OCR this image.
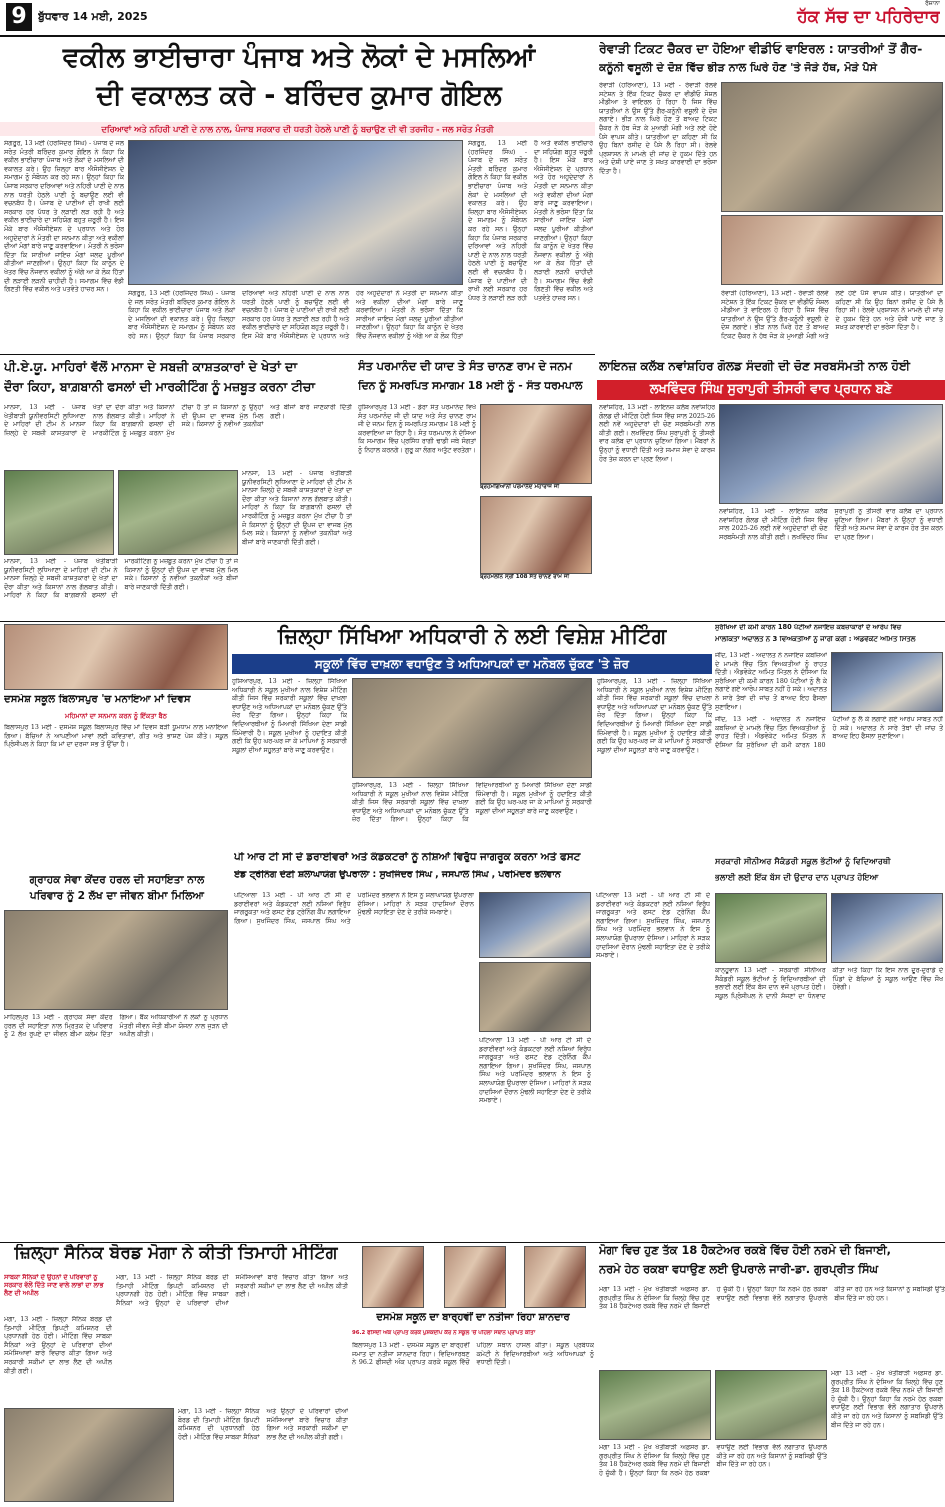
9	ਬੁੱਧਵਾਰ 14 ਮਈ, 2025
ਰੋਜ਼ਾਨਾ
ਹੱਕ ਸੱਚ ਦਾ ਪਹਿਰੇਦਾਰ
ਵਕੀਲ ਭਾਈਚਾਰਾ ਪੰਜਾਬ ਅਤੇ ਲੋਕਾਂ ਦੇ ਮਸਲਿਆਂ
ਦੀ ਵਕਾਲਤ ਕਰੇ - ਬਰਿੰਦਰ ਕੁਮਾਰ ਗੋਇਲ
ਦਰਿਆਵਾਂ ਅਤੇ ਨਹਿਰੀ ਪਾਣੀ ਦੇ ਨਾਲ ਨਾਲ, ਪੰਜਾਬ ਸਰਕਾਰ ਦੀ ਧਰਤੀ ਹੇਠਲੇ ਪਾਣੀ ਨੂੰ ਬਚਾਉਣ ਦੀ ਵੀ ਤਰਜੀਹ - ਜਲ ਸਰੋਤ ਮੰਤਰੀ
ਸੰਗਰੂਰ, 13 ਮਈ (ਹਰਜਿੰਦਰ ਸਿੰਘ) - ਪੰਜਾਬ ਦੇ ਜਲ ਸਰੋਤ ਮੰਤਰੀ ਬਰਿੰਦਰ ਕੁਮਾਰ ਗੋਇਲ ਨੇ ਕਿਹਾ ਕਿ ਵਕੀਲ ਭਾਈਚਾਰਾ ਪੰਜਾਬ ਅਤੇ ਲੋਕਾਂ ਦੇ ਮਸਲਿਆਂ ਦੀ ਵਕਾਲਤ ਕਰੇ। ਉਹ ਜ਼ਿਲ੍ਹਾ ਬਾਰ ਐਸੋਸੀਏਸ਼ਨ ਦੇ ਸਮਾਗਮ ਨੂੰ ਸੰਬੋਧਨ ਕਰ ਰਹੇ ਸਨ। ਉਨ੍ਹਾਂ ਕਿਹਾ ਕਿ ਪੰਜਾਬ ਸਰਕਾਰ ਦਰਿਆਵਾਂ ਅਤੇ ਨਹਿਰੀ ਪਾਣੀ ਦੇ ਨਾਲ ਨਾਲ ਧਰਤੀ ਹੇਠਲੇ ਪਾਣੀ ਨੂੰ ਬਚਾਉਣ ਲਈ ਵੀ ਵਚਨਬੱਧ ਹੈ। ਪੰਜਾਬ ਦੇ ਪਾਣੀਆਂ ਦੀ ਰਾਖੀ ਲਈ ਸਰਕਾਰ ਹਰ ਪੱਧਰ ਤੇ ਲੜਾਈ ਲੜ ਰਹੀ ਹੈ ਅਤੇ ਵਕੀਲ ਭਾਈਚਾਰੇ ਦਾ ਸਹਿਯੋਗ ਬਹੁਤ ਜ਼ਰੂਰੀ ਹੈ। ਇਸ ਮੌਕੇ ਬਾਰ ਐਸੋਸੀਏਸ਼ਨ ਦੇ ਪ੍ਰਧਾਨ ਅਤੇ ਹੋਰ ਅਹੁਦੇਦਾਰਾਂ ਨੇ ਮੰਤਰੀ ਦਾ ਸਨਮਾਨ ਕੀਤਾ ਅਤੇ ਵਕੀਲਾਂ ਦੀਆਂ ਮੰਗਾਂ ਬਾਰੇ ਜਾਣੂ ਕਰਵਾਇਆ। ਮੰਤਰੀ ਨੇ ਭਰੋਸਾ ਦਿੱਤਾ ਕਿ ਸਾਰੀਆਂ ਜਾਇਜ਼ ਮੰਗਾਂ ਜਲਦ ਪੂਰੀਆਂ ਕੀਤੀਆਂ ਜਾਣਗੀਆਂ। ਉਨ੍ਹਾਂ ਕਿਹਾ ਕਿ ਕਾਨੂੰਨ ਦੇ ਖੇਤਰ ਵਿੱਚ ਨੌਜਵਾਨ ਵਕੀਲਾਂ ਨੂੰ ਅੱਗੇ ਆ ਕੇ ਲੋਕ ਹਿੱਤਾਂ ਦੀ ਲੜਾਈ ਲੜਨੀ ਚਾਹੀਦੀ ਹੈ। ਸਮਾਗਮ ਵਿੱਚ ਵੱਡੀ ਗਿਣਤੀ ਵਿੱਚ ਵਕੀਲ ਅਤੇ ਪਤਵੰਤੇ ਹਾਜ਼ਰ ਸਨ।
ਸੰਗਰੂਰ, 13 ਮਈ (ਹਰਜਿੰਦਰ ਸਿੰਘ) - ਪੰਜਾਬ ਦੇ ਜਲ ਸਰੋਤ ਮੰਤਰੀ ਬਰਿੰਦਰ ਕੁਮਾਰ ਗੋਇਲ ਨੇ ਕਿਹਾ ਕਿ ਵਕੀਲ ਭਾਈਚਾਰਾ ਪੰਜਾਬ ਅਤੇ ਲੋਕਾਂ ਦੇ ਮਸਲਿਆਂ ਦੀ ਵਕਾਲਤ ਕਰੇ। ਉਹ ਜ਼ਿਲ੍ਹਾ ਬਾਰ ਐਸੋਸੀਏਸ਼ਨ ਦੇ ਸਮਾਗਮ ਨੂੰ ਸੰਬੋਧਨ ਕਰ ਰਹੇ ਸਨ। ਉਨ੍ਹਾਂ ਕਿਹਾ ਕਿ ਪੰਜਾਬ ਸਰਕਾਰ ਦਰਿਆਵਾਂ ਅਤੇ ਨਹਿਰੀ ਪਾਣੀ ਦੇ ਨਾਲ ਨਾਲ ਧਰਤੀ ਹੇਠਲੇ ਪਾਣੀ ਨੂੰ ਬਚਾਉਣ ਲਈ ਵੀ ਵਚਨਬੱਧ ਹੈ। ਪੰਜਾਬ ਦੇ ਪਾਣੀਆਂ ਦੀ ਰਾਖੀ ਲਈ ਸਰਕਾਰ ਹਰ ਪੱਧਰ ਤੇ ਲੜਾਈ ਲੜ ਰਹੀ ਹੈ ਅਤੇ ਵਕੀਲ ਭਾਈਚਾਰੇ ਦਾ ਸਹਿਯੋਗ ਬਹੁਤ ਜ਼ਰੂਰੀ ਹੈ। ਇਸ ਮੌਕੇ ਬਾਰ ਐਸੋਸੀਏਸ਼ਨ ਦੇ ਪ੍ਰਧਾਨ ਅਤੇ ਹੋਰ ਅਹੁਦੇਦਾਰਾਂ ਨੇ ਮੰਤਰੀ ਦਾ ਸਨਮਾਨ ਕੀਤਾ ਅਤੇ ਵਕੀਲਾਂ ਦੀਆਂ ਮੰਗਾਂ ਬਾਰੇ ਜਾਣੂ ਕਰਵਾਇਆ। ਮੰਤਰੀ ਨੇ ਭਰੋਸਾ ਦਿੱਤਾ ਕਿ ਸਾਰੀਆਂ ਜਾਇਜ਼ ਮੰਗਾਂ ਜਲਦ ਪੂਰੀਆਂ ਕੀਤੀਆਂ ਜਾਣਗੀਆਂ। ਉਨ੍ਹਾਂ ਕਿਹਾ ਕਿ ਕਾਨੂੰਨ ਦੇ ਖੇਤਰ ਵਿੱਚ ਨੌਜਵਾਨ ਵਕੀਲਾਂ ਨੂੰ ਅੱਗੇ ਆ ਕੇ ਲੋਕ ਹਿੱਤਾਂ ਦੀ ਲੜਾਈ ਲੜਨੀ ਚਾਹੀਦੀ ਹੈ। ਸਮਾਗਮ ਵਿੱਚ ਵੱਡੀ ਗਿਣਤੀ ਵਿੱਚ ਵਕੀਲ ਅਤੇ ਪਤਵੰਤੇ ਹਾਜ਼ਰ ਸਨ।
ਸੰਗਰੂਰ, 13 ਮਈ (ਹਰਜਿੰਦਰ ਸਿੰਘ) - ਪੰਜਾਬ ਦੇ ਜਲ ਸਰੋਤ ਮੰਤਰੀ ਬਰਿੰਦਰ ਕੁਮਾਰ ਗੋਇਲ ਨੇ ਕਿਹਾ ਕਿ ਵਕੀਲ ਭਾਈਚਾਰਾ ਪੰਜਾਬ ਅਤੇ ਲੋਕਾਂ ਦੇ ਮਸਲਿਆਂ ਦੀ ਵਕਾਲਤ ਕਰੇ। ਉਹ ਜ਼ਿਲ੍ਹਾ ਬਾਰ ਐਸੋਸੀਏਸ਼ਨ ਦੇ ਸਮਾਗਮ ਨੂੰ ਸੰਬੋਧਨ ਕਰ ਰਹੇ ਸਨ। ਉਨ੍ਹਾਂ ਕਿਹਾ ਕਿ ਪੰਜਾਬ ਸਰਕਾਰ ਦਰਿਆਵਾਂ ਅਤੇ ਨਹਿਰੀ ਪਾਣੀ ਦੇ ਨਾਲ ਨਾਲ ਧਰਤੀ ਹੇਠਲੇ ਪਾਣੀ ਨੂੰ ਬਚਾਉਣ ਲਈ ਵੀ ਵਚਨਬੱਧ ਹੈ। ਪੰਜਾਬ ਦੇ ਪਾਣੀਆਂ ਦੀ ਰਾਖੀ ਲਈ ਸਰਕਾਰ ਹਰ ਪੱਧਰ ਤੇ ਲੜਾਈ ਲੜ ਰਹੀ ਹੈ ਅਤੇ ਵਕੀਲ ਭਾਈਚਾਰੇ ਦਾ ਸਹਿਯੋਗ ਬਹੁਤ ਜ਼ਰੂਰੀ ਹੈ। ਇਸ ਮੌਕੇ ਬਾਰ ਐਸੋਸੀਏਸ਼ਨ ਦੇ ਪ੍ਰਧਾਨ ਅਤੇ ਹੋਰ ਅਹੁਦੇਦਾਰਾਂ ਨੇ ਮੰਤਰੀ ਦਾ ਸਨਮਾਨ ਕੀਤਾ ਅਤੇ ਵਕੀਲਾਂ ਦੀਆਂ ਮੰਗਾਂ ਬਾਰੇ ਜਾਣੂ ਕਰਵਾਇਆ। ਮੰਤਰੀ ਨੇ ਭਰੋਸਾ ਦਿੱਤਾ ਕਿ ਸਾਰੀਆਂ ਜਾਇਜ਼ ਮੰਗਾਂ ਜਲਦ ਪੂਰੀਆਂ ਕੀਤੀਆਂ ਜਾਣਗੀਆਂ। ਉਨ੍ਹਾਂ ਕਿਹਾ ਕਿ ਕਾਨੂੰਨ ਦੇ ਖੇਤਰ ਵਿੱਚ ਨੌਜਵਾਨ ਵਕੀਲਾਂ ਨੂੰ ਅੱਗੇ ਆ ਕੇ ਲੋਕ ਹਿੱਤਾਂ
ਰੇਵਾੜੀ ਟਿਕਟ ਚੈਕਰ ਦਾ ਹੋਇਆ ਵੀਡੀਓ ਵਾਇਰਲ : ਯਾਤਰੀਆਂ ਤੋਂ ਗੈਰ-
ਕਨੂੰਨੀ ਵਸੂਲੀ ਦੇ ਦੋਸ਼ ਵਿੱਚ ਭੀੜ ਨਾਲ ਘਿਰੇ ਹੋਣ 'ਤੇ ਜੋੜੇ ਹੱਥ, ਮੋੜੇ ਪੈਸੇ
ਰੇਵਾੜੀ (ਹਰਿਆਣਾ), 13 ਮਈ - ਰੇਵਾੜੀ ਰੇਲਵੇ ਸਟੇਸ਼ਨ ਤੇ ਇੱਕ ਟਿਕਟ ਚੈਕਰ ਦਾ ਵੀਡੀਓ ਸੋਸ਼ਲ ਮੀਡੀਆ ਤੇ ਵਾਇਰਲ ਹੋ ਰਿਹਾ ਹੈ ਜਿਸ ਵਿੱਚ ਯਾਤਰੀਆਂ ਨੇ ਉਸ ਉੱਤੇ ਗੈਰ-ਕਨੂੰਨੀ ਵਸੂਲੀ ਦੇ ਦੋਸ਼ ਲਗਾਏ। ਭੀੜ ਨਾਲ ਘਿਰੇ ਹੋਣ ਤੋਂ ਬਾਅਦ ਟਿਕਟ ਚੈਕਰ ਨੇ ਹੱਥ ਜੋੜ ਕੇ ਮੁਆਫ਼ੀ ਮੰਗੀ ਅਤੇ ਲਏ ਹੋਏ ਪੈਸੇ ਵਾਪਸ ਕੀਤੇ। ਯਾਤਰੀਆਂ ਦਾ ਕਹਿਣਾ ਸੀ ਕਿ ਉਹ ਬਿਨਾਂ ਰਸੀਦ ਦੇ ਪੈਸੇ ਲੈ ਰਿਹਾ ਸੀ। ਰੇਲਵੇ ਪ੍ਰਸ਼ਾਸਨ ਨੇ ਮਾਮਲੇ ਦੀ ਜਾਂਚ ਦੇ ਹੁਕਮ ਦਿੱਤੇ ਹਨ ਅਤੇ ਦੋਸ਼ੀ ਪਾਏ ਜਾਣ ਤੇ ਸਖ਼ਤ ਕਾਰਵਾਈ ਦਾ ਭਰੋਸਾ ਦਿੱਤਾ ਹੈ।
ਰੇਵਾੜੀ (ਹਰਿਆਣਾ), 13 ਮਈ - ਰੇਵਾੜੀ ਰੇਲਵੇ ਸਟੇਸ਼ਨ ਤੇ ਇੱਕ ਟਿਕਟ ਚੈਕਰ ਦਾ ਵੀਡੀਓ ਸੋਸ਼ਲ ਮੀਡੀਆ ਤੇ ਵਾਇਰਲ ਹੋ ਰਿਹਾ ਹੈ ਜਿਸ ਵਿੱਚ ਯਾਤਰੀਆਂ ਨੇ ਉਸ ਉੱਤੇ ਗੈਰ-ਕਨੂੰਨੀ ਵਸੂਲੀ ਦੇ ਦੋਸ਼ ਲਗਾਏ। ਭੀੜ ਨਾਲ ਘਿਰੇ ਹੋਣ ਤੋਂ ਬਾਅਦ ਟਿਕਟ ਚੈਕਰ ਨੇ ਹੱਥ ਜੋੜ ਕੇ ਮੁਆਫ਼ੀ ਮੰਗੀ ਅਤੇ ਲਏ ਹੋਏ ਪੈਸੇ ਵਾਪਸ ਕੀਤੇ। ਯਾਤਰੀਆਂ ਦਾ ਕਹਿਣਾ ਸੀ ਕਿ ਉਹ ਬਿਨਾਂ ਰਸੀਦ ਦੇ ਪੈਸੇ ਲੈ ਰਿਹਾ ਸੀ। ਰੇਲਵੇ ਪ੍ਰਸ਼ਾਸਨ ਨੇ ਮਾਮਲੇ ਦੀ ਜਾਂਚ ਦੇ ਹੁਕਮ ਦਿੱਤੇ ਹਨ ਅਤੇ ਦੋਸ਼ੀ ਪਾਏ ਜਾਣ ਤੇ ਸਖ਼ਤ ਕਾਰਵਾਈ ਦਾ ਭਰੋਸਾ ਦਿੱਤਾ ਹੈ।
ਪੀ.ਏ.ਯੂ. ਮਾਹਿਰਾਂ ਵੱਲੋਂ ਮਾਨਸਾ ਦੇ ਸਬਜ਼ੀ ਕਾਸ਼ਤਕਾਰਾਂ ਦੇ ਖੇਤਾਂ ਦਾ
ਦੌਰਾ ਕਿਹਾ, ਬਾਗ਼ਬਾਨੀ ਫਸਲਾਂ ਦੀ ਮਾਰਕੀਟਿੰਗ ਨੂੰ ਮਜ਼ਬੂਤ ਕਰਨਾ ਟੀਚਾ
ਮਾਨਸਾ, 13 ਮਈ - ਪੰਜਾਬ ਖੇਤੀਬਾੜੀ ਯੂਨੀਵਰਸਿਟੀ ਲੁਧਿਆਣਾ ਦੇ ਮਾਹਿਰਾਂ ਦੀ ਟੀਮ ਨੇ ਮਾਨਸਾ ਜ਼ਿਲ੍ਹੇ ਦੇ ਸਬਜ਼ੀ ਕਾਸ਼ਤਕਾਰਾਂ ਦੇ ਖੇਤਾਂ ਦਾ ਦੌਰਾ ਕੀਤਾ ਅਤੇ ਕਿਸਾਨਾਂ ਨਾਲ ਗੱਲਬਾਤ ਕੀਤੀ। ਮਾਹਿਰਾਂ ਨੇ ਕਿਹਾ ਕਿ ਬਾਗ਼ਬਾਨੀ ਫਸਲਾਂ ਦੀ ਮਾਰਕੀਟਿੰਗ ਨੂੰ ਮਜ਼ਬੂਤ ਕਰਨਾ ਮੁੱਖ ਟੀਚਾ ਹੈ ਤਾਂ ਜੋ ਕਿਸਾਨਾਂ ਨੂੰ ਉਨ੍ਹਾਂ ਦੀ ਉਪਜ ਦਾ ਵਾਜਬ ਮੁੱਲ ਮਿਲ ਸਕੇ। ਕਿਸਾਨਾਂ ਨੂੰ ਨਵੀਆਂ ਤਕਨੀਕਾਂ ਅਤੇ ਬੀਜਾਂ ਬਾਰੇ ਜਾਣਕਾਰੀ ਦਿੱਤੀ ਗਈ।
ਮਾਨਸਾ, 13 ਮਈ - ਪੰਜਾਬ ਖੇਤੀਬਾੜੀ ਯੂਨੀਵਰਸਿਟੀ ਲੁਧਿਆਣਾ ਦੇ ਮਾਹਿਰਾਂ ਦੀ ਟੀਮ ਨੇ ਮਾਨਸਾ ਜ਼ਿਲ੍ਹੇ ਦੇ ਸਬਜ਼ੀ ਕਾਸ਼ਤਕਾਰਾਂ ਦੇ ਖੇਤਾਂ ਦਾ ਦੌਰਾ ਕੀਤਾ ਅਤੇ ਕਿਸਾਨਾਂ ਨਾਲ ਗੱਲਬਾਤ ਕੀਤੀ। ਮਾਹਿਰਾਂ ਨੇ ਕਿਹਾ ਕਿ ਬਾਗ਼ਬਾਨੀ ਫਸਲਾਂ ਦੀ ਮਾਰਕੀਟਿੰਗ ਨੂੰ ਮਜ਼ਬੂਤ ਕਰਨਾ ਮੁੱਖ ਟੀਚਾ ਹੈ ਤਾਂ ਜੋ ਕਿਸਾਨਾਂ ਨੂੰ ਉਨ੍ਹਾਂ ਦੀ ਉਪਜ ਦਾ ਵਾਜਬ ਮੁੱਲ ਮਿਲ ਸਕੇ। ਕਿਸਾਨਾਂ ਨੂੰ ਨਵੀਆਂ ਤਕਨੀਕਾਂ ਅਤੇ ਬੀਜਾਂ ਬਾਰੇ ਜਾਣਕਾਰੀ ਦਿੱਤੀ ਗਈ।
ਮਾਨਸਾ, 13 ਮਈ - ਪੰਜਾਬ ਖੇਤੀਬਾੜੀ ਯੂਨੀਵਰਸਿਟੀ ਲੁਧਿਆਣਾ ਦੇ ਮਾਹਿਰਾਂ ਦੀ ਟੀਮ ਨੇ ਮਾਨਸਾ ਜ਼ਿਲ੍ਹੇ ਦੇ ਸਬਜ਼ੀ ਕਾਸ਼ਤਕਾਰਾਂ ਦੇ ਖੇਤਾਂ ਦਾ ਦੌਰਾ ਕੀਤਾ ਅਤੇ ਕਿਸਾਨਾਂ ਨਾਲ ਗੱਲਬਾਤ ਕੀਤੀ। ਮਾਹਿਰਾਂ ਨੇ ਕਿਹਾ ਕਿ ਬਾਗ਼ਬਾਨੀ ਫਸਲਾਂ ਦੀ ਮਾਰਕੀਟਿੰਗ ਨੂੰ ਮਜ਼ਬੂਤ ਕਰਨਾ ਮੁੱਖ ਟੀਚਾ ਹੈ ਤਾਂ ਜੋ ਕਿਸਾਨਾਂ ਨੂੰ ਉਨ੍ਹਾਂ ਦੀ ਉਪਜ ਦਾ ਵਾਜਬ ਮੁੱਲ ਮਿਲ ਸਕੇ। ਕਿਸਾਨਾਂ ਨੂੰ ਨਵੀਆਂ ਤਕਨੀਕਾਂ ਅਤੇ ਬੀਜਾਂ ਬਾਰੇ ਜਾਣਕਾਰੀ ਦਿੱਤੀ ਗਈ।
ਸੰਤ ਪਰਮਾਨੰਦ ਦੀ ਯਾਦ ਤੇ ਸੰਤ ਚਾਨਣ ਰਾਮ ਦੇ ਜਨਮ
ਦਿਨ ਨੂੰ ਸਮਰਪਿਤ ਸਮਾਗਮ 18 ਮਈ ਨੂੰ - ਸੰਤ ਧਰਮਪਾਲ
ਹੁਸ਼ਿਆਰਪੁਰ 13 ਮਈ - ਡੇਰਾ ਸੰਤ ਪਰਮਾਨੰਦ ਵਿਖੇ ਸੰਤ ਪਰਮਾਨੰਦ ਜੀ ਦੀ ਯਾਦ ਅਤੇ ਸੰਤ ਚਾਨਣ ਰਾਮ ਜੀ ਦੇ ਜਨਮ ਦਿਨ ਨੂੰ ਸਮਰਪਿਤ ਸਮਾਗਮ 18 ਮਈ ਨੂੰ ਕਰਵਾਇਆ ਜਾ ਰਿਹਾ ਹੈ। ਸੰਤ ਧਰਮਪਾਲ ਨੇ ਦੱਸਿਆ ਕਿ ਸਮਾਗਮ ਵਿੱਚ ਪ੍ਰਸਿੱਧ ਰਾਗੀ ਢਾਡੀ ਜਥੇ ਸੰਗਤਾਂ ਨੂੰ ਨਿਹਾਲ ਕਰਨਗੇ। ਗੁਰੂ ਕਾ ਲੰਗਰ ਅਤੁੱਟ ਵਰਤੇਗਾ।
ਬ੍ਰਹਮਗਿਆਨੀ ਪਰਮਾਨੰਦ ਮਹਾਰਾਜ ਜੀ
ਬ੍ਰਹਮਲੀਨ ਸ੍ਰੀ 108 ਸੰਤ ਚਾਨਣ ਰਾਮ ਜੀ
ਲਾਇਨਜ਼ ਕਲੱਬ ਨਵਾਂਸ਼ਹਿਰ ਗੋਲਡ ਸੰਦਗੀ ਦੀ ਚੋਣ ਸਰਬਸੰਮਤੀ ਨਾਲ ਹੋਈ
ਲਖਵਿੰਦਰ ਸਿੰਘ ਸੁਰਾਪੁਰੀ ਤੀਸਰੀ ਵਾਰ ਪ੍ਰਧਾਨ ਬਣੇ
ਨਵਾਂਸ਼ਹਿਰ, 13 ਮਈ - ਲਾਇਨਜ਼ ਕਲੱਬ ਨਵਾਂਸ਼ਹਿਰ ਗੋਲਡ ਦੀ ਮੀਟਿੰਗ ਹੋਈ ਜਿਸ ਵਿੱਚ ਸਾਲ 2025-26 ਲਈ ਨਵੇਂ ਅਹੁਦੇਦਾਰਾਂ ਦੀ ਚੋਣ ਸਰਬਸੰਮਤੀ ਨਾਲ ਕੀਤੀ ਗਈ। ਲਖਵਿੰਦਰ ਸਿੰਘ ਸੁਰਾਪੁਰੀ ਨੂੰ ਤੀਸਰੀ ਵਾਰ ਕਲੱਬ ਦਾ ਪ੍ਰਧਾਨ ਚੁਣਿਆ ਗਿਆ। ਮੈਂਬਰਾਂ ਨੇ ਉਨ੍ਹਾਂ ਨੂੰ ਵਧਾਈ ਦਿੱਤੀ ਅਤੇ ਸਮਾਜ ਸੇਵਾ ਦੇ ਕਾਰਜ ਹੋਰ ਤੇਜ਼ ਕਰਨ ਦਾ ਪ੍ਰਣ ਲਿਆ।
ਨਵਾਂਸ਼ਹਿਰ, 13 ਮਈ - ਲਾਇਨਜ਼ ਕਲੱਬ ਨਵਾਂਸ਼ਹਿਰ ਗੋਲਡ ਦੀ ਮੀਟਿੰਗ ਹੋਈ ਜਿਸ ਵਿੱਚ ਸਾਲ 2025-26 ਲਈ ਨਵੇਂ ਅਹੁਦੇਦਾਰਾਂ ਦੀ ਚੋਣ ਸਰਬਸੰਮਤੀ ਨਾਲ ਕੀਤੀ ਗਈ। ਲਖਵਿੰਦਰ ਸਿੰਘ ਸੁਰਾਪੁਰੀ ਨੂੰ ਤੀਸਰੀ ਵਾਰ ਕਲੱਬ ਦਾ ਪ੍ਰਧਾਨ ਚੁਣਿਆ ਗਿਆ। ਮੈਂਬਰਾਂ ਨੇ ਉਨ੍ਹਾਂ ਨੂੰ ਵਧਾਈ ਦਿੱਤੀ ਅਤੇ ਸਮਾਜ ਸੇਵਾ ਦੇ ਕਾਰਜ ਹੋਰ ਤੇਜ਼ ਕਰਨ ਦਾ ਪ੍ਰਣ ਲਿਆ।
ਜ਼ਿਲ੍ਹਾ ਸਿੱਖਿਆ ਅਧਿਕਾਰੀ ਨੇ ਲਈ ਵਿਸ਼ੇਸ਼ ਮੀਟਿੰਗ
ਸਕੂਲਾਂ ਵਿੱਚ ਦਾਖ਼ਲਾ ਵਧਾਉਣ ਤੇ ਅਧਿਆਪਕਾਂ ਦਾ ਮਨੋਬਲ ਚੁੱਕਣ 'ਤੇ ਜ਼ੋਰ
ਹੁਸ਼ਿਆਰਪੁਰ, 13 ਮਈ - ਜ਼ਿਲ੍ਹਾ ਸਿੱਖਿਆ ਅਧਿਕਾਰੀ ਨੇ ਸਕੂਲ ਮੁਖੀਆਂ ਨਾਲ ਵਿਸ਼ੇਸ਼ ਮੀਟਿੰਗ ਕੀਤੀ ਜਿਸ ਵਿੱਚ ਸਰਕਾਰੀ ਸਕੂਲਾਂ ਵਿੱਚ ਦਾਖ਼ਲਾ ਵਧਾਉਣ ਅਤੇ ਅਧਿਆਪਕਾਂ ਦਾ ਮਨੋਬਲ ਚੁੱਕਣ ਉੱਤੇ ਜ਼ੋਰ ਦਿੱਤਾ ਗਿਆ। ਉਨ੍ਹਾਂ ਕਿਹਾ ਕਿ ਵਿਦਿਆਰਥੀਆਂ ਨੂੰ ਮਿਆਰੀ ਸਿੱਖਿਆ ਦੇਣਾ ਸਾਡੀ ਜ਼ਿੰਮੇਵਾਰੀ ਹੈ। ਸਕੂਲ ਮੁਖੀਆਂ ਨੂੰ ਹਦਾਇਤ ਕੀਤੀ ਗਈ ਕਿ ਉਹ ਘਰ-ਘਰ ਜਾ ਕੇ ਮਾਪਿਆਂ ਨੂੰ ਸਰਕਾਰੀ ਸਕੂਲਾਂ ਦੀਆਂ ਸਹੂਲਤਾਂ ਬਾਰੇ ਜਾਣੂ ਕਰਵਾਉਣ।
ਹੁਸ਼ਿਆਰਪੁਰ, 13 ਮਈ - ਜ਼ਿਲ੍ਹਾ ਸਿੱਖਿਆ ਅਧਿਕਾਰੀ ਨੇ ਸਕੂਲ ਮੁਖੀਆਂ ਨਾਲ ਵਿਸ਼ੇਸ਼ ਮੀਟਿੰਗ ਕੀਤੀ ਜਿਸ ਵਿੱਚ ਸਰਕਾਰੀ ਸਕੂਲਾਂ ਵਿੱਚ ਦਾਖ਼ਲਾ ਵਧਾਉਣ ਅਤੇ ਅਧਿਆਪਕਾਂ ਦਾ ਮਨੋਬਲ ਚੁੱਕਣ ਉੱਤੇ ਜ਼ੋਰ ਦਿੱਤਾ ਗਿਆ। ਉਨ੍ਹਾਂ ਕਿਹਾ ਕਿ ਵਿਦਿਆਰਥੀਆਂ ਨੂੰ ਮਿਆਰੀ ਸਿੱਖਿਆ ਦੇਣਾ ਸਾਡੀ ਜ਼ਿੰਮੇਵਾਰੀ ਹੈ। ਸਕੂਲ ਮੁਖੀਆਂ ਨੂੰ ਹਦਾਇਤ ਕੀਤੀ ਗਈ ਕਿ ਉਹ ਘਰ-ਘਰ ਜਾ ਕੇ ਮਾਪਿਆਂ ਨੂੰ ਸਰਕਾਰੀ ਸਕੂਲਾਂ ਦੀਆਂ ਸਹੂਲਤਾਂ ਬਾਰੇ ਜਾਣੂ ਕਰਵਾਉਣ।
ਹੁਸ਼ਿਆਰਪੁਰ, 13 ਮਈ - ਜ਼ਿਲ੍ਹਾ ਸਿੱਖਿਆ ਅਧਿਕਾਰੀ ਨੇ ਸਕੂਲ ਮੁਖੀਆਂ ਨਾਲ ਵਿਸ਼ੇਸ਼ ਮੀਟਿੰਗ ਕੀਤੀ ਜਿਸ ਵਿੱਚ ਸਰਕਾਰੀ ਸਕੂਲਾਂ ਵਿੱਚ ਦਾਖ਼ਲਾ ਵਧਾਉਣ ਅਤੇ ਅਧਿਆਪਕਾਂ ਦਾ ਮਨੋਬਲ ਚੁੱਕਣ ਉੱਤੇ ਜ਼ੋਰ ਦਿੱਤਾ ਗਿਆ। ਉਨ੍ਹਾਂ ਕਿਹਾ ਕਿ ਵਿਦਿਆਰਥੀਆਂ ਨੂੰ ਮਿਆਰੀ ਸਿੱਖਿਆ ਦੇਣਾ ਸਾਡੀ ਜ਼ਿੰਮੇਵਾਰੀ ਹੈ। ਸਕੂਲ ਮੁਖੀਆਂ ਨੂੰ ਹਦਾਇਤ ਕੀਤੀ ਗਈ ਕਿ ਉਹ ਘਰ-ਘਰ ਜਾ ਕੇ ਮਾਪਿਆਂ ਨੂੰ ਸਰਕਾਰੀ ਸਕੂਲਾਂ ਦੀਆਂ ਸਹੂਲਤਾਂ ਬਾਰੇ ਜਾਣੂ ਕਰਵਾਉਣ।
ਦਸਮੇਸ਼ ਸਕੂਲ ਬਿਲਾਸਪੁਰ 'ਚ ਮਨਾਇਆ ਮਾਂ ਦਿਵਸ
ਮਹਿਮਾਨਾਂ ਦਾ ਸਨਮਾਨ ਕਰਨ ਨੂੰ ਇੱਕਤਾ ਬੈਠ
ਬਿਲਾਸਪੁਰ 13 ਮਈ - ਦਸਮੇਸ਼ ਸਕੂਲ ਬਿਲਾਸਪੁਰ ਵਿੱਚ ਮਾਂ ਦਿਵਸ ਬੜੀ ਧੂਮਧਾਮ ਨਾਲ ਮਨਾਇਆ ਗਿਆ। ਬੱਚਿਆਂ ਨੇ ਆਪਣੀਆਂ ਮਾਵਾਂ ਲਈ ਕਵਿਤਾਵਾਂ, ਗੀਤ ਅਤੇ ਭਾਸ਼ਣ ਪੇਸ਼ ਕੀਤੇ। ਸਕੂਲ ਪ੍ਰਿੰਸੀਪਲ ਨੇ ਕਿਹਾ ਕਿ ਮਾਂ ਦਾ ਦਰਜਾ ਸਭ ਤੋਂ ਉੱਚਾ ਹੈ।
ਸੁਰੱਖਿਆ ਦੀ ਕਮੀ ਕਾਰਨ 180 ਪੱਟੀਆਂ ਨਜਾਇਜ਼ ਕਬਜ਼ਾਕਾਰਾਂ ਦੇ ਆਰੋਪ ਵਿਚ
ਮਾਲਕਿਤਾ ਅਦਾਲਤ ਨੇ 3 ਵਿਅਕਤੀਆਂ ਨੂੰ ਜਾਰੀ ਕਰੀ : ਐਡਵੋਕੇਟ ਅਮਿਤ ਮਿੱਤਲ
ਜੀਂਦ, 13 ਮਈ - ਅਦਾਲਤ ਨੇ ਨਜਾਇਜ਼ ਕਬਜ਼ਿਆਂ ਦੇ ਮਾਮਲੇ ਵਿੱਚ ਤਿੰਨ ਵਿਅਕਤੀਆਂ ਨੂੰ ਰਾਹਤ ਦਿੱਤੀ। ਐਡਵੋਕੇਟ ਅਮਿਤ ਮਿੱਤਲ ਨੇ ਦੱਸਿਆ ਕਿ ਸੁਰੱਖਿਆ ਦੀ ਕਮੀ ਕਾਰਨ 180 ਪੱਟੀਆਂ ਨੂੰ ਲੈ ਕੇ ਲਗਾਏ ਗਏ ਆਰੋਪ ਸਾਬਤ ਨਹੀਂ ਹੋ ਸਕੇ। ਅਦਾਲਤ ਨੇ ਸਾਰੇ ਤੱਥਾਂ ਦੀ ਜਾਂਚ ਤੋਂ ਬਾਅਦ ਇਹ ਫੈਸਲਾ ਸੁਣਾਇਆ।
ਜੀਂਦ, 13 ਮਈ - ਅਦਾਲਤ ਨੇ ਨਜਾਇਜ਼ ਕਬਜ਼ਿਆਂ ਦੇ ਮਾਮਲੇ ਵਿੱਚ ਤਿੰਨ ਵਿਅਕਤੀਆਂ ਨੂੰ ਰਾਹਤ ਦਿੱਤੀ। ਐਡਵੋਕੇਟ ਅਮਿਤ ਮਿੱਤਲ ਨੇ ਦੱਸਿਆ ਕਿ ਸੁਰੱਖਿਆ ਦੀ ਕਮੀ ਕਾਰਨ 180 ਪੱਟੀਆਂ ਨੂੰ ਲੈ ਕੇ ਲਗਾਏ ਗਏ ਆਰੋਪ ਸਾਬਤ ਨਹੀਂ ਹੋ ਸਕੇ। ਅਦਾਲਤ ਨੇ ਸਾਰੇ ਤੱਥਾਂ ਦੀ ਜਾਂਚ ਤੋਂ ਬਾਅਦ ਇਹ ਫੈਸਲਾ ਸੁਣਾਇਆ।
ਗ੍ਰਾਹਕ ਸੇਵਾ ਕੇਂਦਰ ਹਰਲ ਦੀ ਸਹਾਇਤਾ ਨਾਲ
ਪਰਿਵਾਰ ਨੂੰ 2 ਲੱਖ ਦਾ ਜੀਵਨ ਬੀਮਾ ਮਿਲਿਆ
ਮਾਹਿਲਪੁਰ 13 ਮਈ - ਗ੍ਰਾਹਕ ਸੇਵਾ ਕੇਂਦਰ ਹਰਲ ਦੀ ਸਹਾਇਤਾ ਨਾਲ ਮ੍ਰਿਤਕ ਦੇ ਪਰਿਵਾਰ ਨੂੰ 2 ਲੱਖ ਰੁਪਏ ਦਾ ਜੀਵਨ ਬੀਮਾ ਕਲੇਮ ਦਿੱਤਾ ਗਿਆ। ਬੈਂਕ ਅਧਿਕਾਰੀਆਂ ਨੇ ਲੋਕਾਂ ਨੂੰ ਪ੍ਰਧਾਨ ਮੰਤਰੀ ਜੀਵਨ ਜੋਤੀ ਬੀਮਾ ਯੋਜਨਾ ਨਾਲ ਜੁੜਨ ਦੀ ਅਪੀਲ ਕੀਤੀ।
ਪੀ ਆਰ ਟੀ ਸੀ ਦੇ ਡਰਾਈਵਰਾਂ ਅਤੇ ਕੰਡਕਟਰਾਂ ਨੂੰ ਨਸ਼ਿਆਂ ਵਿਰੁੱਧ ਜਾਗਰੂਕ ਕਰਨਾ ਅਤੇ ਫਸਟ
ਏਡ ਟ੍ਰੇਨਿੰਗ ਦੇਣੀ ਸ਼ਲਾਘਾਯੋਗ ਉਪਰਾਲਾ : ਸੁਖਜਿੰਦਰ ਸਿੰਘ , ਜਸਪਾਲ ਸਿੰਘ , ਪਰਮਿੰਦਰ ਭਲਵਾਨ
ਪਟਿਆਲਾ 13 ਮਈ - ਪੀ ਆਰ ਟੀ ਸੀ ਦੇ ਡਰਾਈਵਰਾਂ ਅਤੇ ਕੰਡਕਟਰਾਂ ਲਈ ਨਸ਼ਿਆਂ ਵਿਰੁੱਧ ਜਾਗਰੂਕਤਾ ਅਤੇ ਫਸਟ ਏਡ ਟ੍ਰੇਨਿੰਗ ਕੈਂਪ ਲਗਾਇਆ ਗਿਆ। ਸੁਖਜਿੰਦਰ ਸਿੰਘ, ਜਸਪਾਲ ਸਿੰਘ ਅਤੇ ਪਰਮਿੰਦਰ ਭਲਵਾਨ ਨੇ ਇਸ ਨੂੰ ਸ਼ਲਾਘਾਯੋਗ ਉਪਰਾਲਾ ਦੱਸਿਆ। ਮਾਹਿਰਾਂ ਨੇ ਸੜਕ ਹਾਦਸਿਆਂ ਦੌਰਾਨ ਮੁੱਢਲੀ ਸਹਾਇਤਾ ਦੇਣ ਦੇ ਤਰੀਕੇ ਸਮਝਾਏ।
ਪਟਿਆਲਾ 13 ਮਈ - ਪੀ ਆਰ ਟੀ ਸੀ ਦੇ ਡਰਾਈਵਰਾਂ ਅਤੇ ਕੰਡਕਟਰਾਂ ਲਈ ਨਸ਼ਿਆਂ ਵਿਰੁੱਧ ਜਾਗਰੂਕਤਾ ਅਤੇ ਫਸਟ ਏਡ ਟ੍ਰੇਨਿੰਗ ਕੈਂਪ ਲਗਾਇਆ ਗਿਆ। ਸੁਖਜਿੰਦਰ ਸਿੰਘ, ਜਸਪਾਲ ਸਿੰਘ ਅਤੇ ਪਰਮਿੰਦਰ ਭਲਵਾਨ ਨੇ ਇਸ ਨੂੰ ਸ਼ਲਾਘਾਯੋਗ ਉਪਰਾਲਾ ਦੱਸਿਆ। ਮਾਹਿਰਾਂ ਨੇ ਸੜਕ ਹਾਦਸਿਆਂ ਦੌਰਾਨ ਮੁੱਢਲੀ ਸਹਾਇਤਾ ਦੇਣ ਦੇ ਤਰੀਕੇ ਸਮਝਾਏ।
ਪਟਿਆਲਾ 13 ਮਈ - ਪੀ ਆਰ ਟੀ ਸੀ ਦੇ ਡਰਾਈਵਰਾਂ ਅਤੇ ਕੰਡਕਟਰਾਂ ਲਈ ਨਸ਼ਿਆਂ ਵਿਰੁੱਧ ਜਾਗਰੂਕਤਾ ਅਤੇ ਫਸਟ ਏਡ ਟ੍ਰੇਨਿੰਗ ਕੈਂਪ ਲਗਾਇਆ ਗਿਆ। ਸੁਖਜਿੰਦਰ ਸਿੰਘ, ਜਸਪਾਲ ਸਿੰਘ ਅਤੇ ਪਰਮਿੰਦਰ ਭਲਵਾਨ ਨੇ ਇਸ ਨੂੰ ਸ਼ਲਾਘਾਯੋਗ ਉਪਰਾਲਾ ਦੱਸਿਆ। ਮਾਹਿਰਾਂ ਨੇ ਸੜਕ ਹਾਦਸਿਆਂ ਦੌਰਾਨ ਮੁੱਢਲੀ ਸਹਾਇਤਾ ਦੇਣ ਦੇ ਤਰੀਕੇ ਸਮਝਾਏ।
ਸਰਕਾਰੀ ਸੀਨੀਅਰ ਸੈਕੰਡਰੀ ਸਕੂਲ ਭੱਟੀਆਂ ਨੂੰ ਵਿਦਿਆਰਥੀ
ਭਲਾਈ ਲਈ ਇੱਕ ਬੱਸ ਦੀ ਉਦਾਰ ਦਾਨ ਪ੍ਰਾਪਤ ਹੋਇਆ
ਕਾਨ੍ਹੂਵਾਨ 13 ਮਈ - ਸਰਕਾਰੀ ਸੀਨੀਅਰ ਸੈਕੰਡਰੀ ਸਕੂਲ ਭੱਟੀਆਂ ਨੂੰ ਵਿਦਿਆਰਥੀਆਂ ਦੀ ਭਲਾਈ ਲਈ ਇੱਕ ਬੱਸ ਦਾਨ ਵਜੋਂ ਪ੍ਰਾਪਤ ਹੋਈ। ਸਕੂਲ ਪ੍ਰਿੰਸੀਪਲ ਨੇ ਦਾਨੀ ਸੱਜਣਾਂ ਦਾ ਧੰਨਵਾਦ ਕੀਤਾ ਅਤੇ ਕਿਹਾ ਕਿ ਇਸ ਨਾਲ ਦੂਰ-ਦੁਰਾਡੇ ਦੇ ਪਿੰਡਾਂ ਦੇ ਬੱਚਿਆਂ ਨੂੰ ਸਕੂਲ ਆਉਣ ਵਿੱਚ ਸੌਖ ਹੋਵੇਗੀ।
ਜ਼ਿਲ੍ਹਾ ਸੈਨਿਕ ਬੋਰਡ ਮੋਗਾ ਨੇ ਕੀਤੀ ਤਿਮਾਹੀ ਮੀਟਿੰਗ
ਸਾਬਕਾ ਸੈਨਿਕਾਂ ਦੇ ਉਹਨਾਂ ਦੇ ਪਰਿਵਾਰਾਂ ਨੂੰ ਸਰਕਾਰ ਵੱਲੋਂ ਦਿੱਤੇ ਜਾਣ ਵਾਲੇ ਲਾਭਾਂ ਦਾ ਲਾਭ ਲੈਣ ਦੀ ਅਪੀਲ
ਮੋਗਾ, 13 ਮਈ - ਜ਼ਿਲ੍ਹਾ ਸੈਨਿਕ ਬੋਰਡ ਦੀ ਤਿਮਾਹੀ ਮੀਟਿੰਗ ਡਿਪਟੀ ਕਮਿਸ਼ਨਰ ਦੀ ਪ੍ਰਧਾਨਗੀ ਹੇਠ ਹੋਈ। ਮੀਟਿੰਗ ਵਿੱਚ ਸਾਬਕਾ ਸੈਨਿਕਾਂ ਅਤੇ ਉਨ੍ਹਾਂ ਦੇ ਪਰਿਵਾਰਾਂ ਦੀਆਂ ਸਮੱਸਿਆਵਾਂ ਬਾਰੇ ਵਿਚਾਰ ਕੀਤਾ ਗਿਆ ਅਤੇ ਸਰਕਾਰੀ ਸਕੀਮਾਂ ਦਾ ਲਾਭ ਲੈਣ ਦੀ ਅਪੀਲ ਕੀਤੀ ਗਈ।
ਮੋਗਾ, 13 ਮਈ - ਜ਼ਿਲ੍ਹਾ ਸੈਨਿਕ ਬੋਰਡ ਦੀ ਤਿਮਾਹੀ ਮੀਟਿੰਗ ਡਿਪਟੀ ਕਮਿਸ਼ਨਰ ਦੀ ਪ੍ਰਧਾਨਗੀ ਹੇਠ ਹੋਈ। ਮੀਟਿੰਗ ਵਿੱਚ ਸਾਬਕਾ ਸੈਨਿਕਾਂ ਅਤੇ ਉਨ੍ਹਾਂ ਦੇ ਪਰਿਵਾਰਾਂ ਦੀਆਂ ਸਮੱਸਿਆਵਾਂ ਬਾਰੇ ਵਿਚਾਰ ਕੀਤਾ ਗਿਆ ਅਤੇ ਸਰਕਾਰੀ ਸਕੀਮਾਂ ਦਾ ਲਾਭ ਲੈਣ ਦੀ ਅਪੀਲ ਕੀਤੀ ਗਈ।
ਮੋਗਾ, 13 ਮਈ - ਜ਼ਿਲ੍ਹਾ ਸੈਨਿਕ ਬੋਰਡ ਦੀ ਤਿਮਾਹੀ ਮੀਟਿੰਗ ਡਿਪਟੀ ਕਮਿਸ਼ਨਰ ਦੀ ਪ੍ਰਧਾਨਗੀ ਹੇਠ ਹੋਈ। ਮੀਟਿੰਗ ਵਿੱਚ ਸਾਬਕਾ ਸੈਨਿਕਾਂ ਅਤੇ ਉਨ੍ਹਾਂ ਦੇ ਪਰਿਵਾਰਾਂ ਦੀਆਂ ਸਮੱਸਿਆਵਾਂ ਬਾਰੇ ਵਿਚਾਰ ਕੀਤਾ ਗਿਆ ਅਤੇ ਸਰਕਾਰੀ ਸਕੀਮਾਂ ਦਾ ਲਾਭ ਲੈਣ ਦੀ ਅਪੀਲ ਕੀਤੀ ਗਈ।
ਦਸਮੇਸ਼ ਸਕੂਲ ਦਾ ਬਾਰ੍ਹਵੀਂ ਦਾ ਨਤੀਜਾ ਰਿਹਾ ਸ਼ਾਨਦਾਰ
96.2 ਫੀਸਦੀ ਅੰਕ ਪ੍ਰਾਪਤ ਕਰਕੇ ਪੁਸ਼ਕਦੀਪ ਕੌਰ ਨੇ ਸਕੂਲ 'ਚੋਂ ਪਹਿਲਾ ਸਥਾਨ ਪ੍ਰਾਪਤ ਕੀਤਾ
ਬਿਲਾਸਪੁਰ 13 ਮਈ - ਦਸਮੇਸ਼ ਸਕੂਲ ਦਾ ਬਾਰ੍ਹਵੀਂ ਜਮਾਤ ਦਾ ਨਤੀਜਾ ਸ਼ਾਨਦਾਰ ਰਿਹਾ। ਵਿਦਿਆਰਥਣ ਨੇ 96.2 ਫੀਸਦੀ ਅੰਕ ਪ੍ਰਾਪਤ ਕਰਕੇ ਸਕੂਲ ਵਿੱਚੋਂ ਪਹਿਲਾ ਸਥਾਨ ਹਾਸਲ ਕੀਤਾ। ਸਕੂਲ ਪ੍ਰਬੰਧਕ ਕਮੇਟੀ ਨੇ ਵਿਦਿਆਰਥੀਆਂ ਅਤੇ ਅਧਿਆਪਕਾਂ ਨੂੰ ਵਧਾਈ ਦਿੱਤੀ।
ਮੋਗਾ ਵਿਚ ਹੁਣ ਤੱਕ 18 ਹੈਕਟੇਅਰ ਰਕਬੇ ਵਿੱਚ ਹੋਈ ਨਰਮੇ ਦੀ ਬਿਜਾਈ,
ਨਰਮੇ ਹੇਠ ਰਕਬਾ ਵਧਾਉਣ ਲਈ ਉਪਰਾਲੇ ਜਾਰੀ-ਡਾ. ਗੁਰਪ੍ਰੀਤ ਸਿੰਘ
ਮੋਗਾ 13 ਮਈ - ਮੁੱਖ ਖੇਤੀਬਾੜੀ ਅਫ਼ਸਰ ਡਾ. ਗੁਰਪ੍ਰੀਤ ਸਿੰਘ ਨੇ ਦੱਸਿਆ ਕਿ ਜ਼ਿਲ੍ਹੇ ਵਿੱਚ ਹੁਣ ਤੱਕ 18 ਹੈਕਟੇਅਰ ਰਕਬੇ ਵਿੱਚ ਨਰਮੇ ਦੀ ਬਿਜਾਈ ਹੋ ਚੁੱਕੀ ਹੈ। ਉਨ੍ਹਾਂ ਕਿਹਾ ਕਿ ਨਰਮੇ ਹੇਠ ਰਕਬਾ ਵਧਾਉਣ ਲਈ ਵਿਭਾਗ ਵੱਲੋਂ ਲਗਾਤਾਰ ਉਪਰਾਲੇ ਕੀਤੇ ਜਾ ਰਹੇ ਹਨ ਅਤੇ ਕਿਸਾਨਾਂ ਨੂੰ ਸਬਸਿਡੀ ਉੱਤੇ ਬੀਜ ਦਿੱਤੇ ਜਾ ਰਹੇ ਹਨ।
ਮੋਗਾ 13 ਮਈ - ਮੁੱਖ ਖੇਤੀਬਾੜੀ ਅਫ਼ਸਰ ਡਾ. ਗੁਰਪ੍ਰੀਤ ਸਿੰਘ ਨੇ ਦੱਸਿਆ ਕਿ ਜ਼ਿਲ੍ਹੇ ਵਿੱਚ ਹੁਣ ਤੱਕ 18 ਹੈਕਟੇਅਰ ਰਕਬੇ ਵਿੱਚ ਨਰਮੇ ਦੀ ਬਿਜਾਈ ਹੋ ਚੁੱਕੀ ਹੈ। ਉਨ੍ਹਾਂ ਕਿਹਾ ਕਿ ਨਰਮੇ ਹੇਠ ਰਕਬਾ ਵਧਾਉਣ ਲਈ ਵਿਭਾਗ ਵੱਲੋਂ ਲਗਾਤਾਰ ਉਪਰਾਲੇ ਕੀਤੇ ਜਾ ਰਹੇ ਹਨ ਅਤੇ ਕਿਸਾਨਾਂ ਨੂੰ ਸਬਸਿਡੀ ਉੱਤੇ ਬੀਜ ਦਿੱਤੇ ਜਾ ਰਹੇ ਹਨ।
ਮੋਗਾ 13 ਮਈ - ਮੁੱਖ ਖੇਤੀਬਾੜੀ ਅਫ਼ਸਰ ਡਾ. ਗੁਰਪ੍ਰੀਤ ਸਿੰਘ ਨੇ ਦੱਸਿਆ ਕਿ ਜ਼ਿਲ੍ਹੇ ਵਿੱਚ ਹੁਣ ਤੱਕ 18 ਹੈਕਟੇਅਰ ਰਕਬੇ ਵਿੱਚ ਨਰਮੇ ਦੀ ਬਿਜਾਈ ਹੋ ਚੁੱਕੀ ਹੈ। ਉਨ੍ਹਾਂ ਕਿਹਾ ਕਿ ਨਰਮੇ ਹੇਠ ਰਕਬਾ ਵਧਾਉਣ ਲਈ ਵਿਭਾਗ ਵੱਲੋਂ ਲਗਾਤਾਰ ਉਪਰਾਲੇ ਕੀਤੇ ਜਾ ਰਹੇ ਹਨ ਅਤੇ ਕਿਸਾਨਾਂ ਨੂੰ ਸਬਸਿਡੀ ਉੱਤੇ ਬੀਜ ਦਿੱਤੇ ਜਾ ਰਹੇ ਹਨ।
